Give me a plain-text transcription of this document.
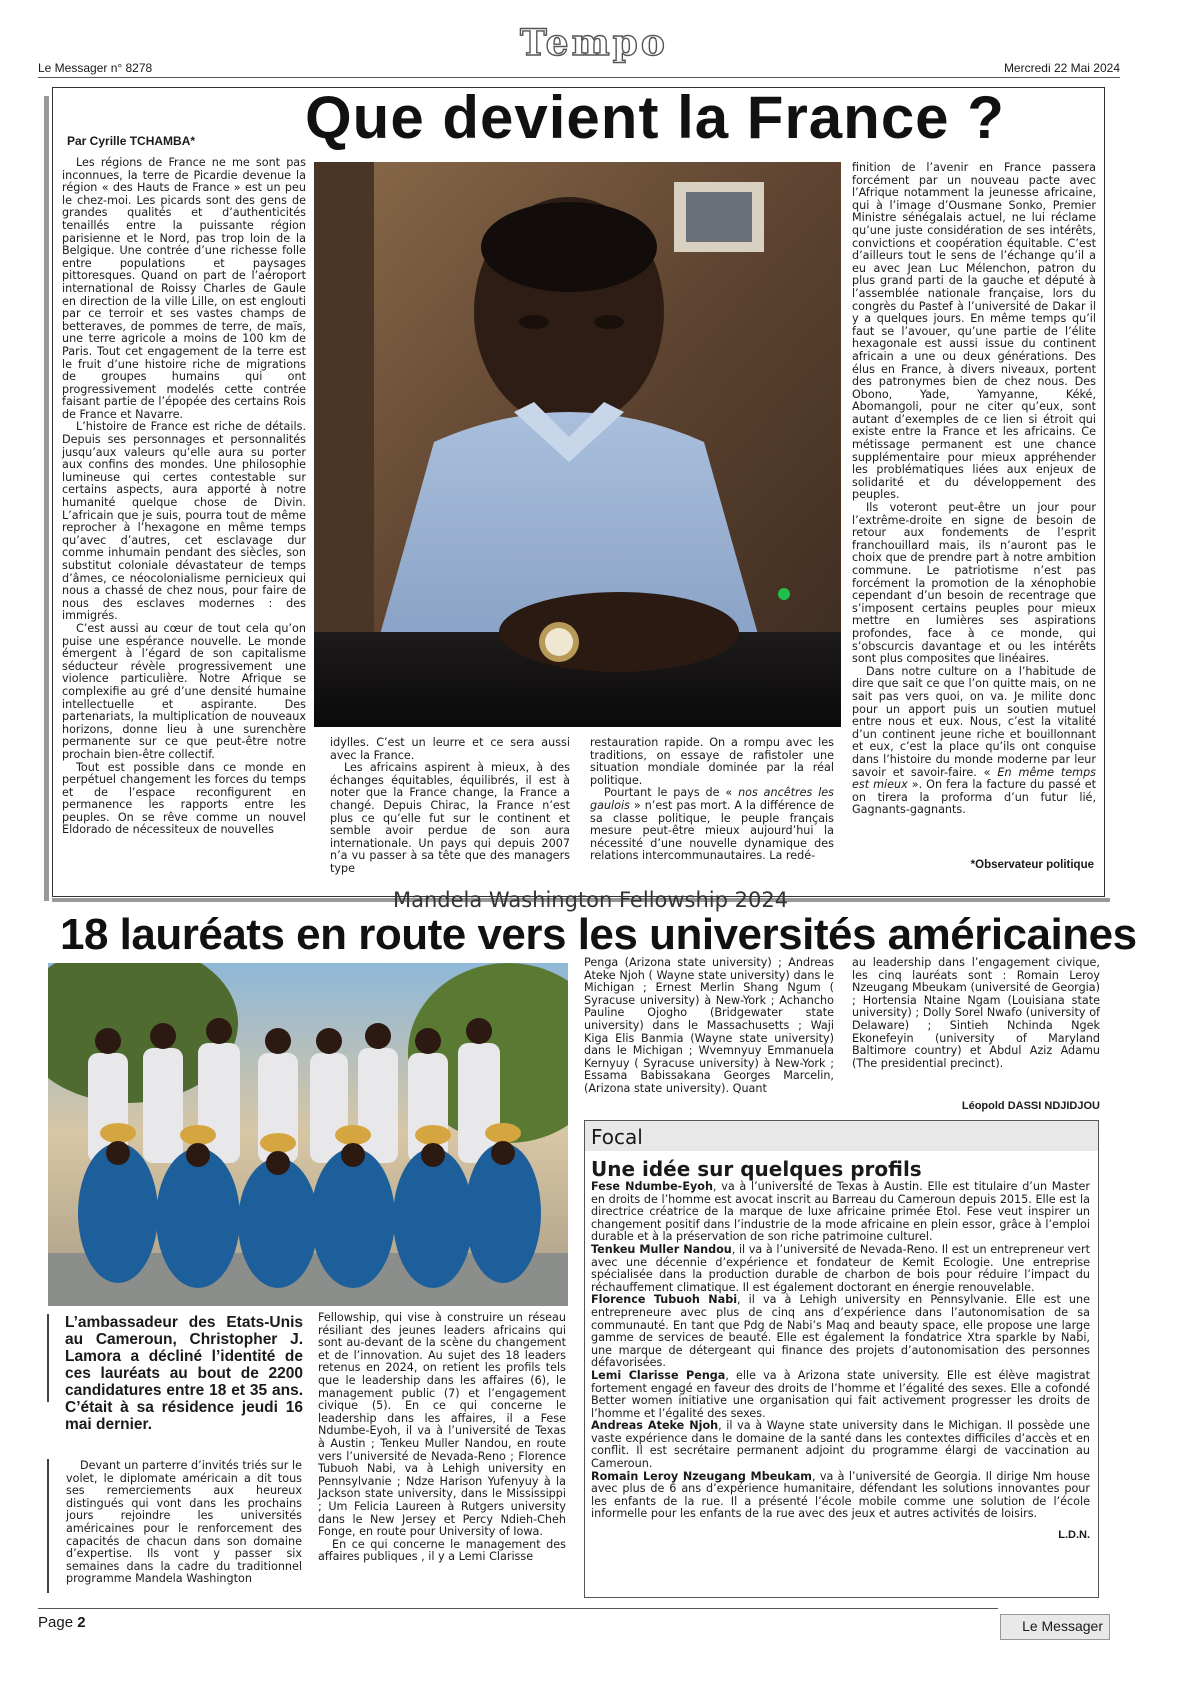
Le Messager n° 8278
Tempo
Mercredi 22 Mai 2024
Que devient la France ?
Par Cyrille TCHAMBA*

Les régions de France ne me sont pas inconnues, la terre de Picardie devenue la région « des Hauts de France » est un peu le chez-moi. Les picards sont des gens de grandes qualités et d’authenticités tenaillés entre la puissante région parisienne et le Nord, pas trop loin de la Belgique. Une contrée d’une richesse folle entre populations et paysages pittoresques. Quand on part de l’aéroport international de Roissy Charles de Gaule en direction de la ville Lille, on est englouti par ce terroir et ses vastes champs de betteraves, de pommes de terre, de maïs, une terre agricole a moins de 100 km de Paris. Tout cet engagement de la terre est le fruit d’une histoire riche de migrations de groupes humains qui ont progressivement modelés cette contrée faisant partie de l’épopée des certains Rois de France et Navarre.

L’histoire de France est riche de détails. Depuis ses personnages et personnalités jusqu’aux valeurs qu’elle aura su porter aux confins des mondes. Une philosophie lumineuse qui certes contestable sur certains aspects, aura apporté à notre humanité quelque chose de Divin. L’africain que je suis, pourra tout de même reprocher à l’hexagone en même temps qu’avec d’autres, cet esclavage dur comme inhumain pendant des siècles, son substitut coloniale dévastateur de temps d’âmes, ce néocolonialisme pernicieux qui nous a chassé de chez nous, pour faire de nous des esclaves modernes : des immigrés.

C’est aussi au cœur de tout cela qu’on puise une espérance nouvelle. Le monde émergent à l’égard de son capitalisme séducteur révèle progressivement une violence particulière. Notre Afrique se complexifie au gré d’une densité humaine intellectuelle et aspirante. Des partenariats, la multiplication de nouveaux horizons, donne lieu à une surenchère permanente sur ce que peut-être notre prochain bien-être collectif.

Tout est possible dans ce monde en perpétuel changement les forces du temps et de l’espace reconfigurent en permanence les rapports entre les peuples. On se rêve comme un nouvel Eldorado de nécessiteux de nouvelles

idylles. C’est un leurre et ce sera aussi avec la France.

Les africains aspirent à mieux, à des échanges équitables, équilibrés, il est à noter que la France change, la France a changé. Depuis Chirac, la France n’est plus ce qu’elle fut sur le continent et semble avoir perdue de son aura internationale. Un pays qui depuis 2007 n’a vu passer à sa tête que des managers type

restauration rapide. On a rompu avec les traditions, on essaye de rafistoler une situation mondiale dominée par la réal politique.

Pourtant le pays de « nos ancêtres les gaulois » n’est pas mort. A la différence de sa classe politique, le peuple français mesure peut-être mieux aujourd’hui la nécessité d’une nouvelle dynamique des relations intercommunautaires. La redé-

finition de l’avenir en France passera forcément par un nouveau pacte avec l’Afrique notamment la jeunesse africaine, qui à l’image d’Ousmane Sonko, Premier Ministre sénégalais actuel, ne lui réclame qu’une juste considération de ses intérêts, convictions et coopération équitable. C’est d’ailleurs tout le sens de l’échange qu’il a eu avec Jean Luc Mélenchon, patron du plus grand parti de la gauche et député à l’assemblée nationale française, lors du congrès du Pastef à l’université de Dakar il y a quelques jours. En même temps qu’il faut se l’avouer, qu’une partie de l’élite hexagonale est aussi issue du continent africain a une ou deux générations. Des élus en France, à divers niveaux, portent des patronymes bien de chez nous. Des Obono, Yade, Yamyanne, Kéké, Abomangoli, pour ne citer qu’eux, sont autant d’exemples de ce lien si étroit qui existe entre la France et les africains. Ce métissage permanent est une chance supplémentaire pour mieux appréhender les problématiques liées aux enjeux de solidarité et du développement des peuples.

Ils voteront peut-être un jour pour l’extrême-droite en signe de besoin de retour aux fondements de l’esprit franchouillard mais, ils n’auront pas le choix que de prendre part à notre ambition commune. Le patriotisme n’est pas forcément la promotion de la xénophobie cependant d’un besoin de recentrage que s’imposent certains peuples pour mieux mettre en lumières ses aspirations profondes, face à ce monde, qui s’obscurcis davantage et ou les intérêts sont plus composites que linéaires.

Dans notre culture on a l’habitude de dire que sait ce que l’on quitte mais, on ne sait pas vers quoi, on va. Je milite donc pour un apport puis un soutien mutuel entre nous et eux. Nous, c’est la vitalité d’un continent jeune riche et bouillonnant et eux, c’est la place qu’ils ont conquise dans l’histoire du monde moderne par leur savoir et savoir-faire. « En même temps est mieux ». On fera la facture du passé et on tirera la proforma d’un futur lié, Gagnants-gagnants.

*Observateur politique
Mandela Washington Fellowship 2024
18 lauréats en route vers les universités américaines
L’ambassadeur des Etats-Unis au Cameroun, Christopher J. Lamora a décliné l’identité de ces lauréats au bout de 2200 candidatures entre 18 et 35 ans. C’était à sa résidence jeudi 16 mai dernier.

Devant un parterre d’invités triés sur le volet, le diplomate américain a dit tous ses remerciements aux heureux distingués qui vont dans les prochains jours rejoindre les universités américaines pour le renforcement des capacités de chacun dans son domaine d’expertise. Ils vont y passer six semaines dans la cadre du traditionnel programme Mandela Washington

Fellowship, qui vise à construire un réseau résiliant des jeunes leaders africains qui sont au-devant de la scène du changement et de l’innovation. Au sujet des 18 leaders retenus en 2024, on retient les profils tels que le leadership dans les affaires (6), le management public (7) et l’engagement civique (5). En ce qui concerne le leadership dans les affaires, il a Fese Ndumbe-Eyoh, il va à l’université de Texas à Austin ; Tenkeu Muller Nandou, en route vers l’université de Nevada-Reno ; Florence Tubuoh Nabi, va à Lehigh university en Pennsylvanie ; Ndze Harison Yufenyuy à la Jackson state university, dans le Mississippi ; Um Felicia Laureen à Rutgers university dans le New Jersey et Percy Ndieh-Cheh Fonge, en route pour University of Iowa.

En ce qui concerne le management des affaires publiques , il y a Lemi Clarisse

Penga (Arizona state university) ; Andreas Ateke Njoh ( Wayne state university) dans le Michigan ; Ernest Merlin Shang Ngum ( Syracuse university) à New-York ; Achancho Pauline Ojogho (Bridgewater state university) dans le Massachusetts ; Waji Kiga Elis Banmia (Wayne state university) dans le Michigan ; Wvemnyuy Emmanuela Kernyuy ( Syracuse university) à New-York ; Essama Babissakana Georges Marcelin, (Arizona state university). Quant

au leadership dans l’engagement civique, les cinq lauréats sont : Romain Leroy Nzeugang Mbeukam (université de Georgia) ; Hortensia Ntaine Ngam (Louisiana state university) ; Dolly Sorel Nwafo (university of Delaware) ; Sintieh Nchinda Ngek Ekonefeyin (university of Maryland Baltimore country) et Abdul Aziz Adamu (The presidential precinct).

Léopold DASSI NDJIDJOU
Focal
Une idée sur quelques profils

Fese Ndumbe-Eyoh, va à l’université de Texas à Austin. Elle est titulaire d’un Master en droits de l’homme est avocat inscrit au Barreau du Cameroun depuis 2015. Elle est la directrice créatrice de la marque de luxe africaine primée Etol. Fese veut inspirer un changement positif dans l’industrie de la mode africaine en plein essor, grâce à l’emploi durable et à la préservation de son riche patrimoine culturel.

Tenkeu Muller Nandou, il va à l’université de Nevada-Reno. Il est un entrepreneur vert avec une décennie d’expérience et fondateur de Kemit Ecologie. Une entreprise spécialisée dans la production durable de charbon de bois pour réduire l’impact du réchauffement climatique. Il est également doctorant en énergie renouvelable.

Florence Tubuoh Nabi, il va à Lehigh university en Pennsylvanie. Elle est une entrepreneure avec plus de cinq ans d’expérience dans l’autonomisation de sa communauté. En tant que Pdg de Nabi’s Maq and beauty space, elle propose une large gamme de services de beauté. Elle est également la fondatrice Xtra sparkle by Nabi, une marque de détergeant qui finance des projets d’autonomisation des personnes défavorisées.

Lemi Clarisse Penga, elle va à Arizona state university. Elle est élève magistrat fortement engagé en faveur des droits de l’homme et l’égalité des sexes. Elle a cofondé Better women initiative une organisation qui fait activement progresser les droits de l’homme et l’égalité des sexes.

Andreas Ateke Njoh, il va à Wayne state university dans le Michigan. Il possède une vaste expérience dans le domaine de la santé dans les contextes difficiles d’accès et en conflit. Il est secrétaire permanent adjoint du programme élargi de vaccination au Cameroun.

Romain Leroy Nzeugang Mbeukam, va à l’université de Georgia. Il dirige Nm house avec plus de 6 ans d’expérience humanitaire, défendant les solutions innovantes pour les enfants de la rue. Il a présenté l’école mobile comme une solution de l’école informelle pour les enfants de la rue avec des jeux et autres activités de loisirs.

L.D.N.
Page 2	Le Messager
